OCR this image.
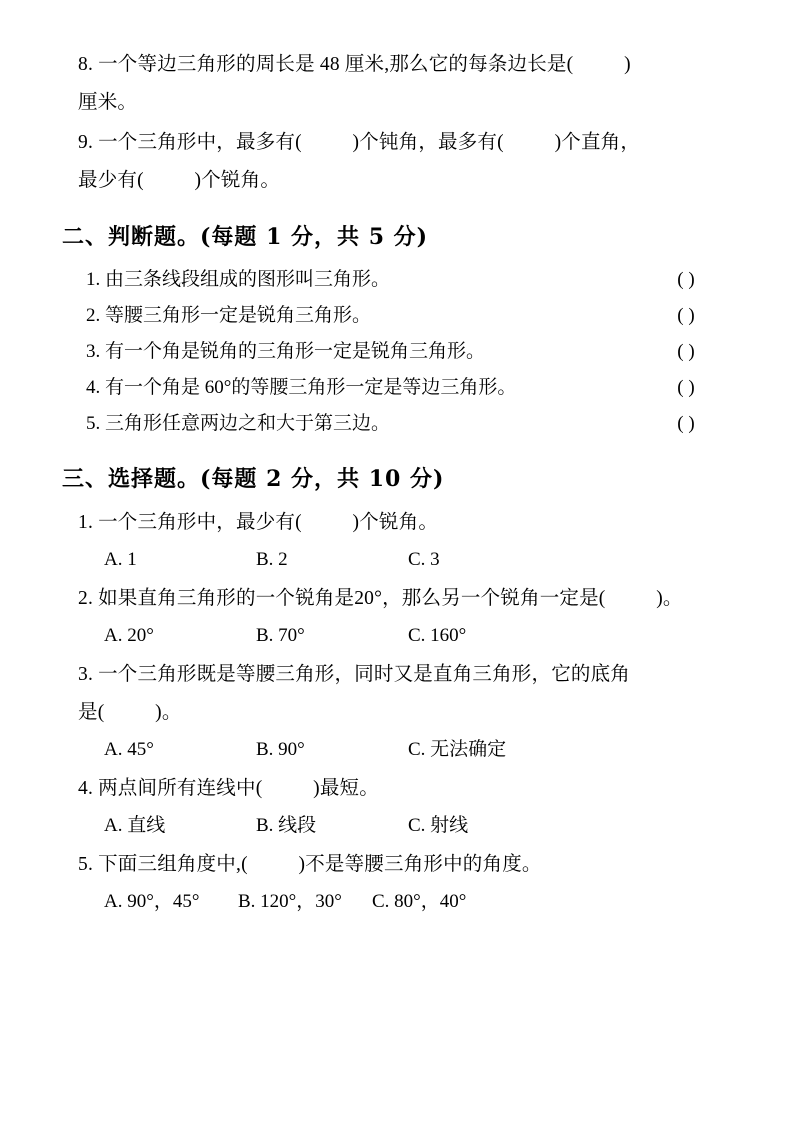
8. 一个等边三角形的周长是 48 厘米,那么它的每条边长是(          )
厘米。
9. 一个三角形中，最多有(          )个钝角，最多有(          )个直角，
最少有(          )个锐角。
二、判断题。(每题 1 分，共 5 分)
1. 由三条线段组成的图形叫三角形。	( )
2. 等腰三角形一定是锐角三角形。	( )
3. 有一个角是锐角的三角形一定是锐角三角形。	( )
4. 有一个角是 60°的等腰三角形一定是等边三角形。	( )
5. 三角形任意两边之和大于第三边。	( )
三、选择题。(每题 2 分，共 10 分)
1. 一个三角形中，最少有(          )个锐角。
A. 1	B. 2	C. 3
2. 如果直角三角形的一个锐角是20°，那么另一个锐角一定是(          )。
A. 20°	B. 70°	C. 160°
3. 一个三角形既是等腰三角形，同时又是直角三角形，它的底角
是(          )。
A. 45°	B. 90°	C. 无法确定
4. 两点间所有连线中(          )最短。
A. 直线	B. 线段	C. 射线
5. 下面三组角度中,(          )不是等腰三角形中的角度。
A. 90°，45°	B. 120°，30°	C. 80°，40°
